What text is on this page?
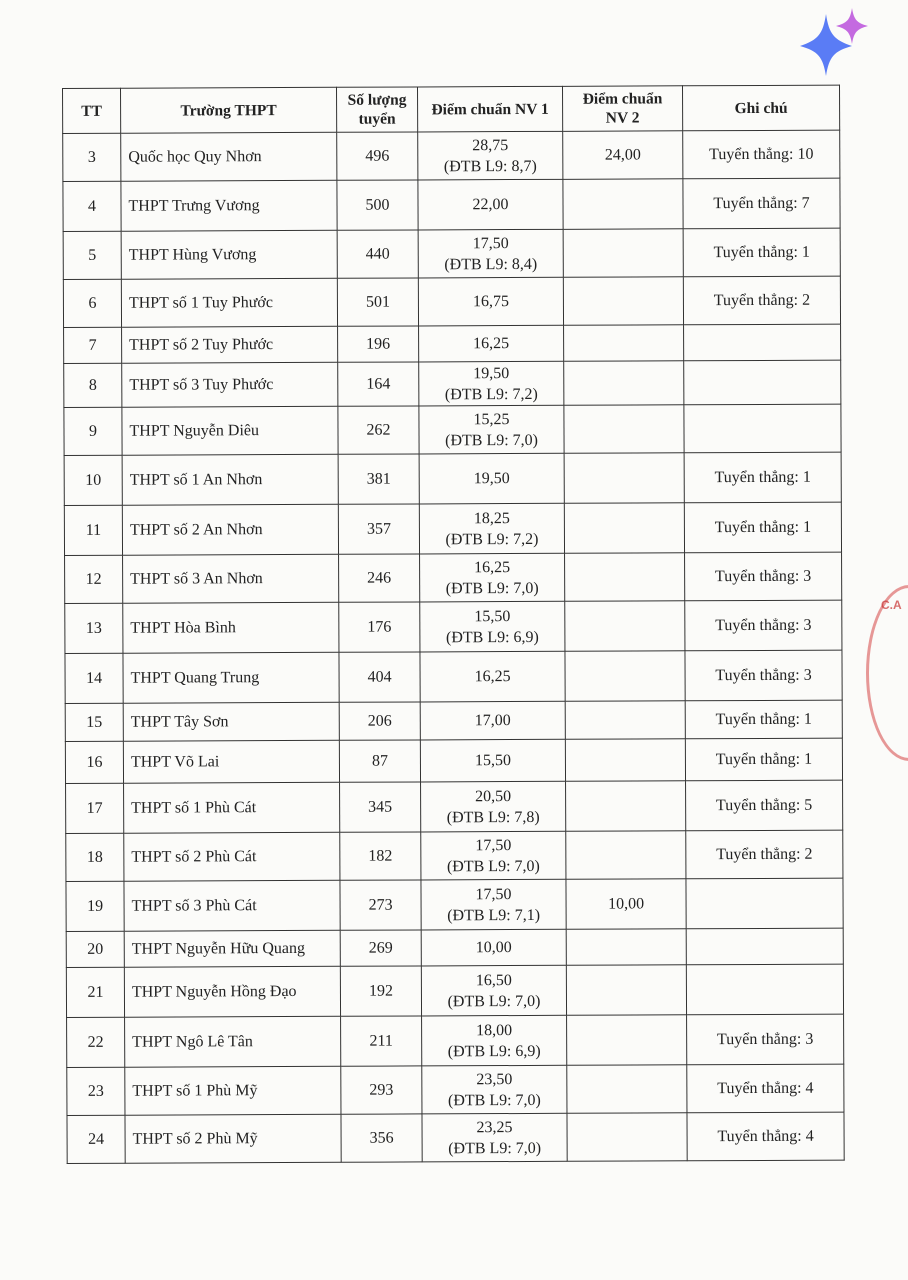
TT	Trường THPT	Số lượng
tuyển	Điểm chuẩn NV 1	Điểm chuẩn
NV 2	Ghi chú
3	Quốc học Quy Nhơn	496	28,75
(ĐTB L9: 8,7)	24,00	Tuyển thẳng: 10
4	THPT Trưng Vương	500	22,00		Tuyển thẳng: 7
5	THPT Hùng Vương	440	17,50
(ĐTB L9: 8,4)		Tuyển thẳng: 1
6	THPT số 1 Tuy Phước	501	16,75		Tuyển thẳng: 2
7	THPT số 2 Tuy Phước	196	16,25		

8	THPT số 3 Tuy Phước	164	19,50
(ĐTB L9: 7,2)		

9	THPT Nguyễn Diêu	262	15,25
(ĐTB L9: 7,0)		

10	THPT số 1 An Nhơn	381	19,50		Tuyển thẳng: 1
11	THPT số 2 An Nhơn	357	18,25
(ĐTB L9: 7,2)		Tuyển thẳng: 1
12	THPT số 3 An Nhơn	246	16,25
(ĐTB L9: 7,0)		Tuyển thẳng: 3
13	THPT Hòa Bình	176	15,50
(ĐTB L9: 6,9)		Tuyển thẳng: 3
14	THPT Quang Trung	404	16,25		Tuyển thẳng: 3
15	THPT Tây Sơn	206	17,00		Tuyển thẳng: 1
16	THPT Võ Lai	87	15,50		Tuyển thẳng: 1
17	THPT số 1 Phù Cát	345	20,50
(ĐTB L9: 7,8)		Tuyển thẳng: 5
18	THPT số 2 Phù Cát	182	17,50
(ĐTB L9: 7,0)		Tuyển thẳng: 2
19	THPT số 3 Phù Cát	273	17,50
(ĐTB L9: 7,1)	10,00	
20	THPT Nguyễn Hữu Quang	269	10,00		

21	THPT Nguyễn Hồng Đạo	192	16,50
(ĐTB L9: 7,0)		

22	THPT Ngô Lê Tân	211	18,00
(ĐTB L9: 6,9)		Tuyển thẳng: 3
23	THPT số 1 Phù Mỹ	293	23,50
(ĐTB L9: 7,0)		Tuyển thẳng: 4
24	THPT số 2 Phù Mỹ	356	23,25
(ĐTB L9: 7,0)		Tuyển thẳng: 4
C.A
